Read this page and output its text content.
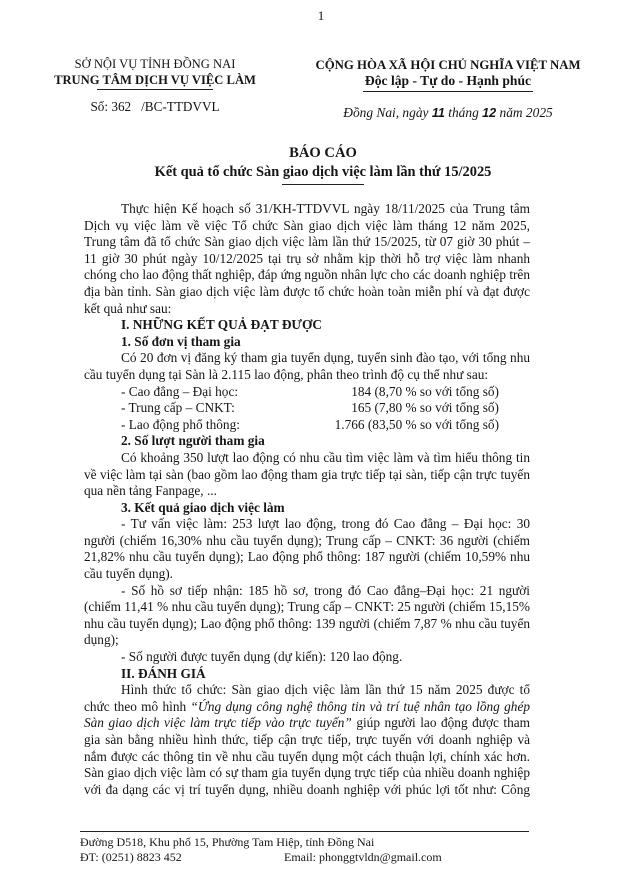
1
SỞ NỘI VỤ TỈNH ĐỒNG NAI
TRUNG TÂM DỊCH VỤ VIỆC LÀM
Số: 362 /BC-TTDVVL
CỘNG HÒA XÃ HỘI CHỦ NGHĨA VIỆT NAM
Độc lập - Tự do - Hạnh phúc
Đồng Nai, ngày 11 tháng 12 năm 2025
BÁO CÁO
Kết quả tổ chức Sàn giao dịch việc làm lần thứ 15/2025

Thực hiện Kế hoạch số 31/KH-TTDVVL ngày 18/11/2025 của Trung tâm Dịch vụ việc làm về việc Tổ chức Sàn giao dịch việc làm tháng 12 năm 2025, Trung tâm đã tổ chức Sàn giao dịch việc làm lần thứ 15/2025, từ 07 giờ 30 phút – 11 giờ 30 phút ngày 10/12/2025 tại trụ sở nhằm kịp thời hỗ trợ việc làm nhanh chóng cho lao động thất nghiệp, đáp ứng nguồn nhân lực cho các doanh nghiệp trên địa bàn tỉnh. Sàn giao dịch việc làm được tổ chức hoàn toàn miễn phí và đạt được kết quả như sau:

I. NHỮNG KẾT QUẢ ĐẠT ĐƯỢC

1. Số đơn vị tham gia

Có 20 đơn vị đăng ký tham gia tuyển dụng, tuyển sinh đào tạo, với tổng nhu cầu tuyển dụng tại Sàn là 2.115 lao động, phân theo trình độ cụ thể như sau:

- Cao đẳng – Đại học:	184 (8,70 % so với tổng số)
- Trung cấp – CNKT:	165 (7,80 % so với tổng số)
- Lao động phổ thông:	1.766 (83,50 % so với tổng số)

2. Số lượt người tham gia

Có khoảng 350 lượt lao động có nhu cầu tìm việc làm và tìm hiểu thông tin về việc làm tại sàn (bao gồm lao động tham gia trực tiếp tại sàn, tiếp cận trực tuyến qua nền tảng Fanpage, ...

3. Kết quả giao dịch việc làm

- Tư vấn việc làm: 253 lượt lao động, trong đó Cao đẳng – Đại học: 30 người (chiếm 16,30% nhu cầu tuyển dụng); Trung cấp – CNKT: 36 người (chiếm 21,82% nhu cầu tuyển dụng); Lao động phổ thông: 187 người (chiếm 10,59% nhu cầu tuyển dụng).

- Số hồ sơ tiếp nhận: 185 hồ sơ, trong đó Cao đẳng–Đại học: 21 người (chiếm 11,41 % nhu cầu tuyển dụng); Trung cấp – CNKT: 25 người (chiếm 15,15% nhu cầu tuyển dụng); Lao động phổ thông: 139 người (chiếm 7,87 % nhu cầu tuyển dụng);

- Số người được tuyển dụng (dự kiến): 120 lao động.

II. ĐÁNH GIÁ

Hình thức tổ chức: Sàn giao dịch việc làm lần thứ 15 năm 2025 được tổ chức theo mô hình “Ứng dụng công nghệ thông tin và trí tuệ nhân tạo lồng ghép Sàn giao dịch việc làm trực tiếp vào trực tuyến” giúp người lao động được tham gia sàn bằng nhiều hình thức, tiếp cận trực tiếp, trực tuyến với doanh nghiệp và nắm được các thông tin về nhu cầu tuyển dụng một cách thuận lợi, chính xác hơn. Sàn giao dịch việc làm có sự tham gia tuyển dụng trực tiếp của nhiều doanh nghiệp với đa dạng các vị trí tuyển dụng, nhiều doanh nghiệp với phúc lợi tốt như: Công

Đường D518, Khu phố 15, Phường Tam Hiệp, tỉnh Đồng Nai
ĐT: (0251) 8823 452	Email: phonggtvldn@gmail.com
